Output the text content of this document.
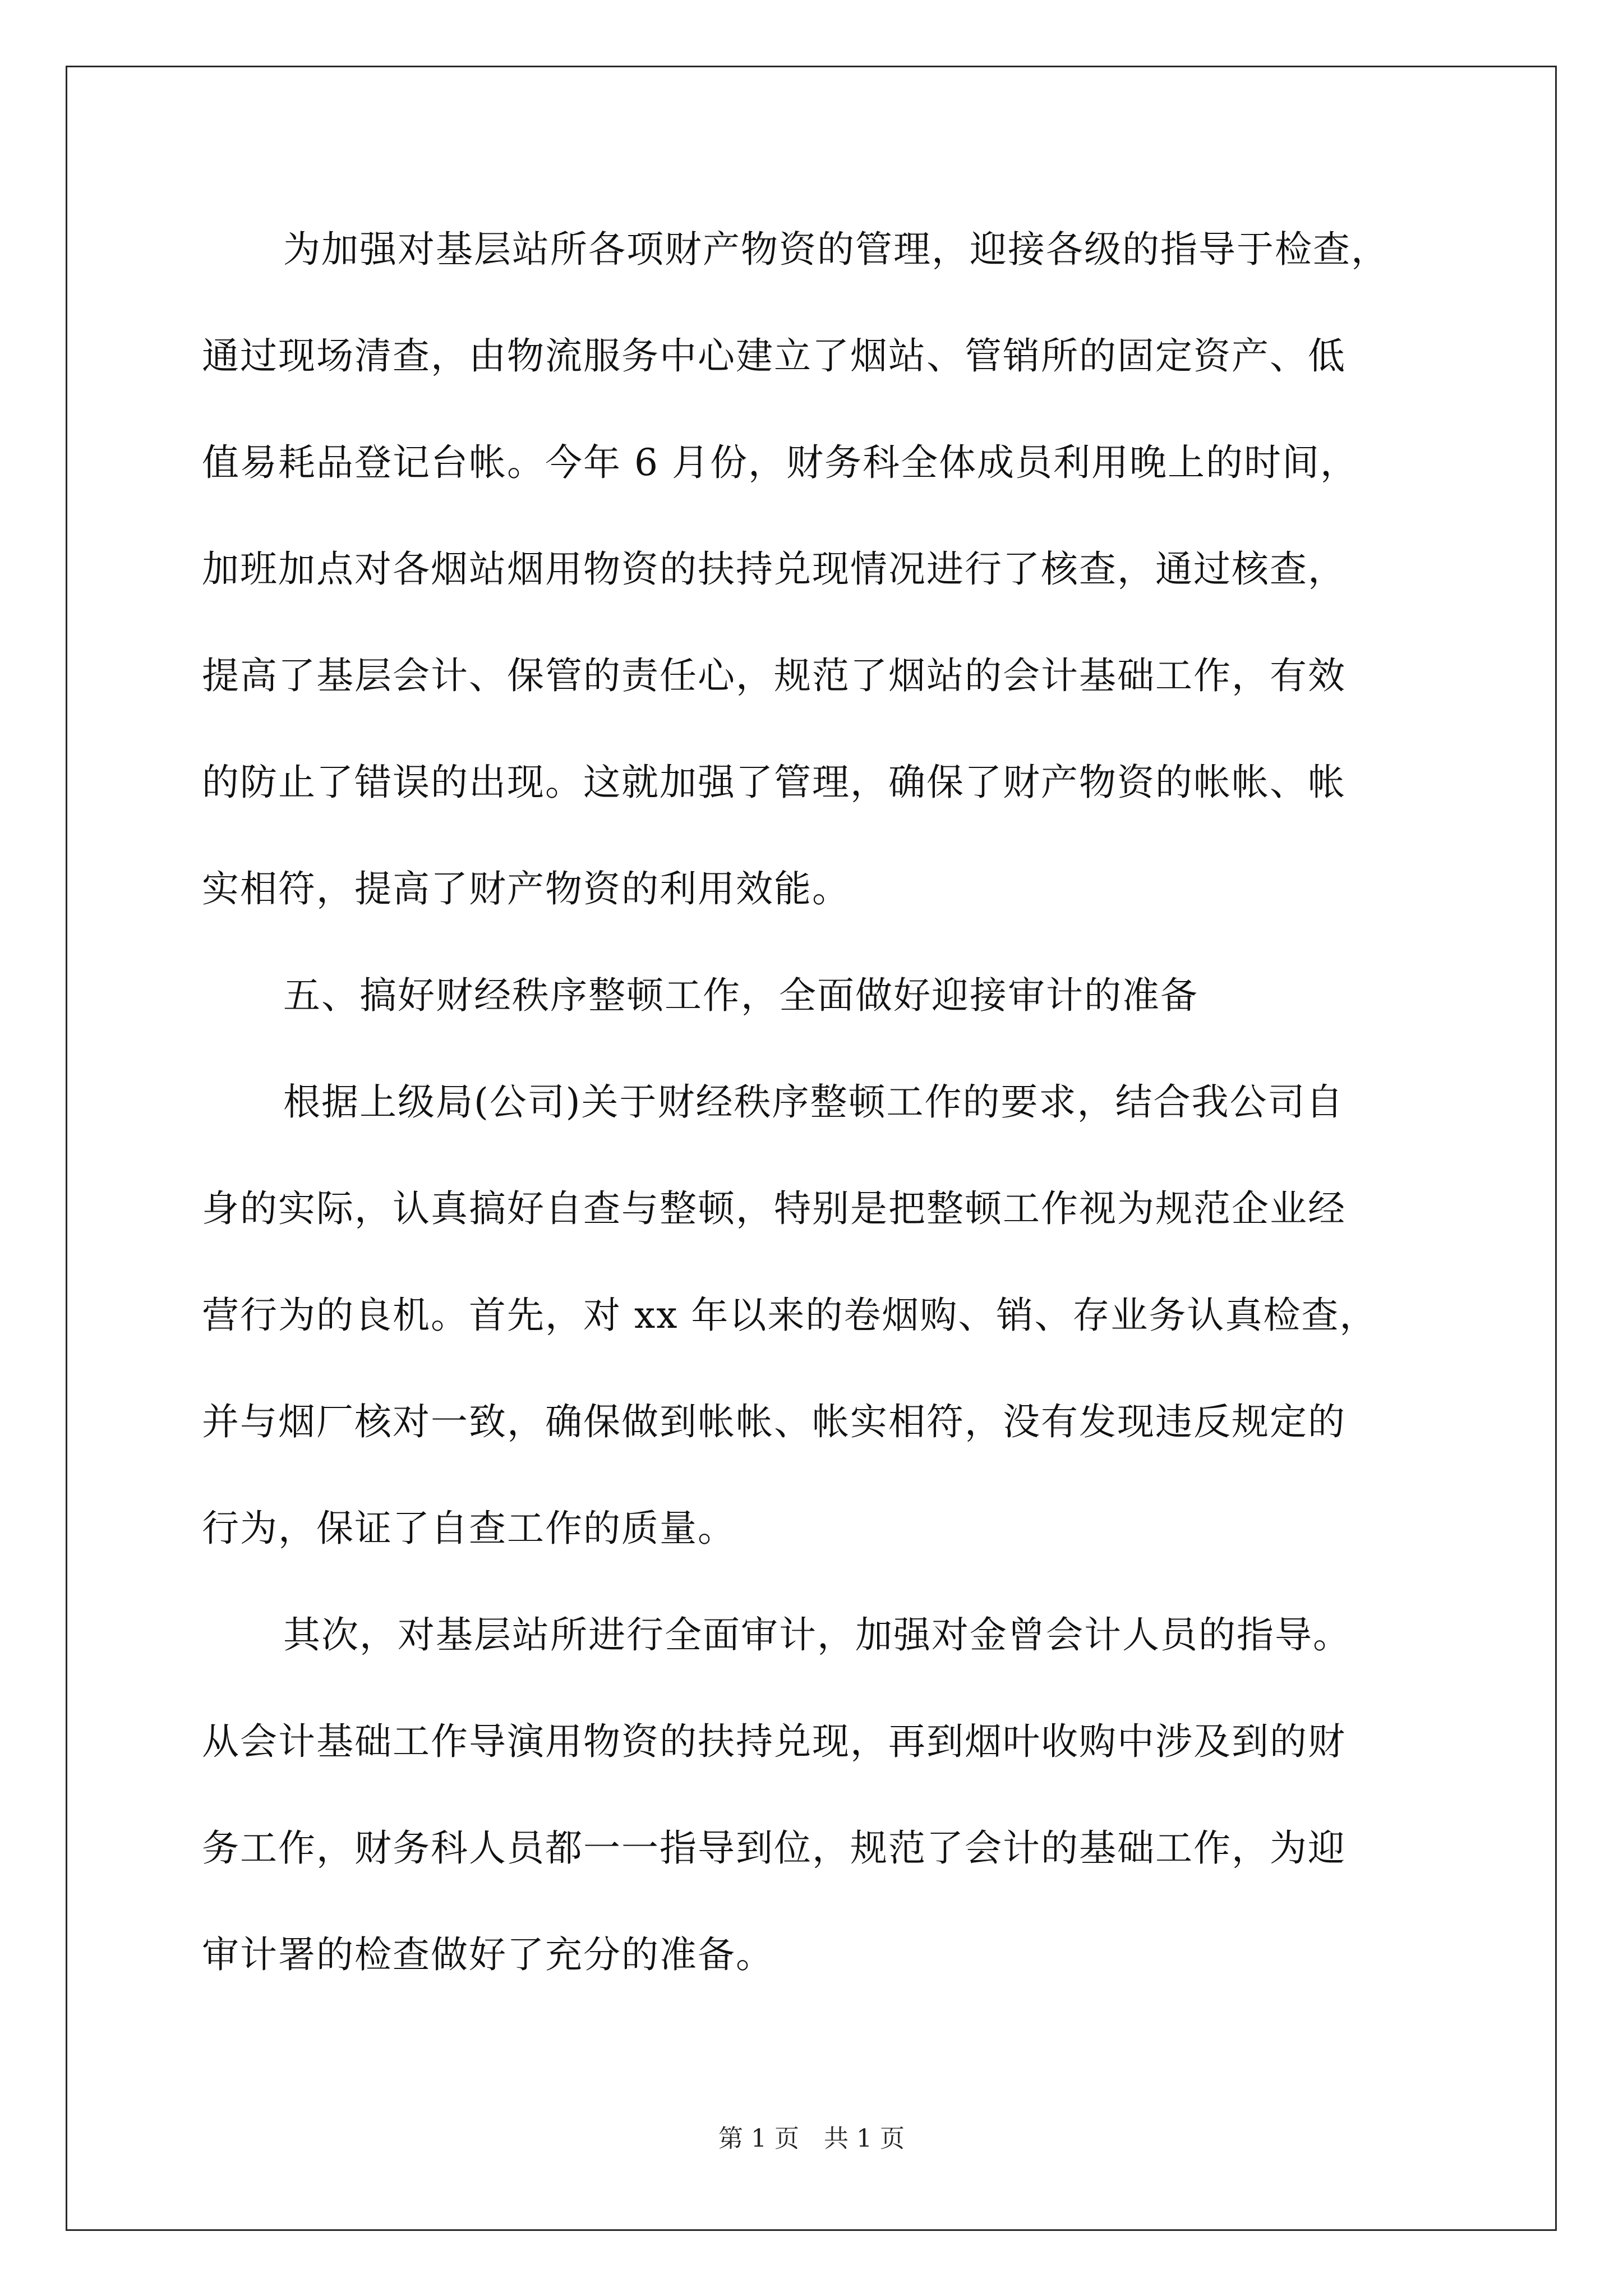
为加强对基层站所各项财产物资的管理，迎接各级的指导于检查，
通过现场清查，由物流服务中心建立了烟站、管销所的固定资产、低
值易耗品登记台帐。今年 6 月份，财务科全体成员利用晚上的时间，
加班加点对各烟站烟用物资的扶持兑现情况进行了核查，通过核查，
提高了基层会计、保管的责任心，规范了烟站的会计基础工作，有效
的防止了错误的出现。这就加强了管理，确保了财产物资的帐帐、帐
实相符，提高了财产物资的利用效能。
五、搞好财经秩序整顿工作，全面做好迎接审计的准备
根据上级局(公司)关于财经秩序整顿工作的要求，结合我公司自
身的实际，认真搞好自查与整顿，特别是把整顿工作视为规范企业经
营行为的良机。首先，对 xx 年以来的卷烟购、销、存业务认真检查，
并与烟厂核对一致，确保做到帐帐、帐实相符，没有发现违反规定的
行为，保证了自查工作的质量。
其次，对基层站所进行全面审计，加强对金曾会计人员的指导。
从会计基础工作导演用物资的扶持兑现，再到烟叶收购中涉及到的财
务工作，财务科人员都一一指导到位，规范了会计的基础工作，为迎
审计署的检查做好了充分的准备。
第 1 页 共 1 页
